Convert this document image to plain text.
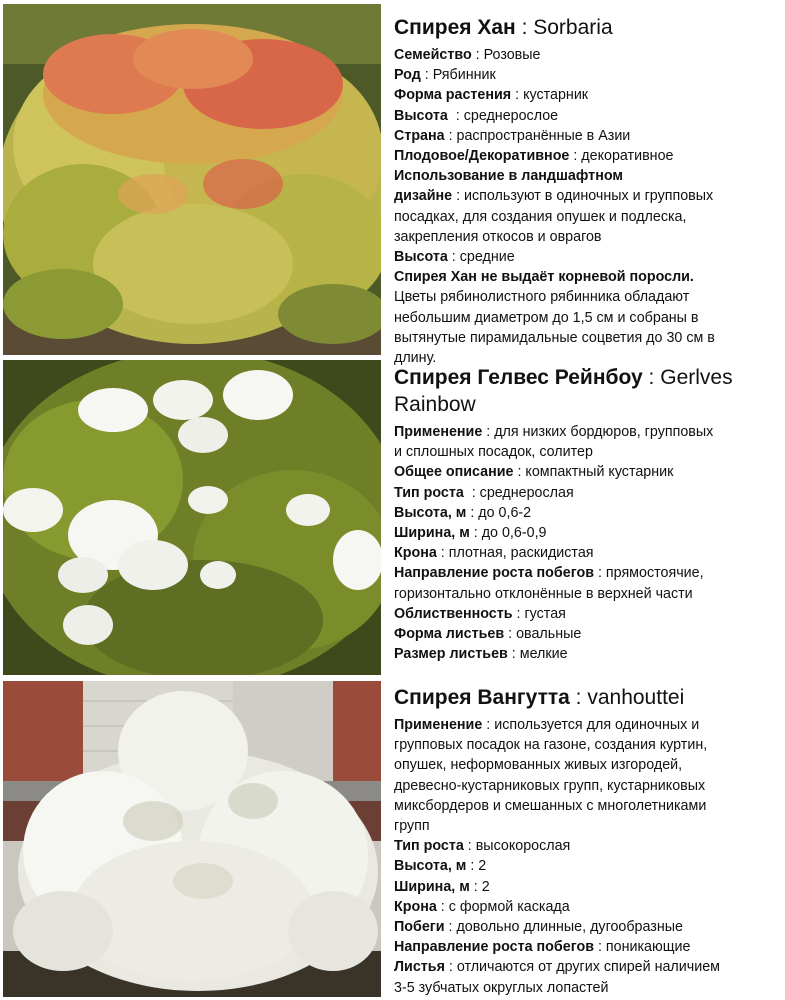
Спирея Хан : Sorbaria

Семейство : Розовые

Род : Рябинник

Форма растения : кустарник

Высота  : среднерослое

Страна : распространённые в Азии

Плодовое/Декоративное : декоративное

Использование в ландшафтном

дизайне : используют в одиночных и групповых

посадках, для создания опушек и подлеска,

закрепления откосов и оврагов

Высота : средние

Спирея Хан не выдаёт корневой поросли.

Цветы рябинолистного рябинника обладают

небольшим диаметром до 1,5 см и собраны в

вытянутые пирамидальные соцветия до 30 см в

длину.

Спирея Гелвес Рейнбоу : Gerlves
Rainbow

Применение : для низких бордюров, групповых

и сплошных посадок, солитер

Общее описание : компактный кустарник

Тип роста  : среднерослая

Высота, м : до 0,6-2

Ширина, м : до 0,6-0,9

Крона : плотная, раскидистая

Направление роста побегов : прямостоячие,

горизонтально отклонённые в верхней части

Облиственность : густая

Форма листьев : овальные

Размер листьев : мелкие

Спирея Вангутта : vanhouttei

Применение : используется для одиночных и

групповых посадок на газоне, создания куртин,

опушек, неформованных живых изгородей,

древесно-кустарниковых групп, кустарниковых

миксбордеров и смешанных с многолетниками

групп

Тип роста : высокорослая

Высота, м : 2

Ширина, м : 2

Крона : с формой каскада

Побеги : довольно длинные, дугообразные

Направление роста побегов : поникающие

Листья : отличаются от других спирей наличием

3-5 зубчатых округлых лопастей
